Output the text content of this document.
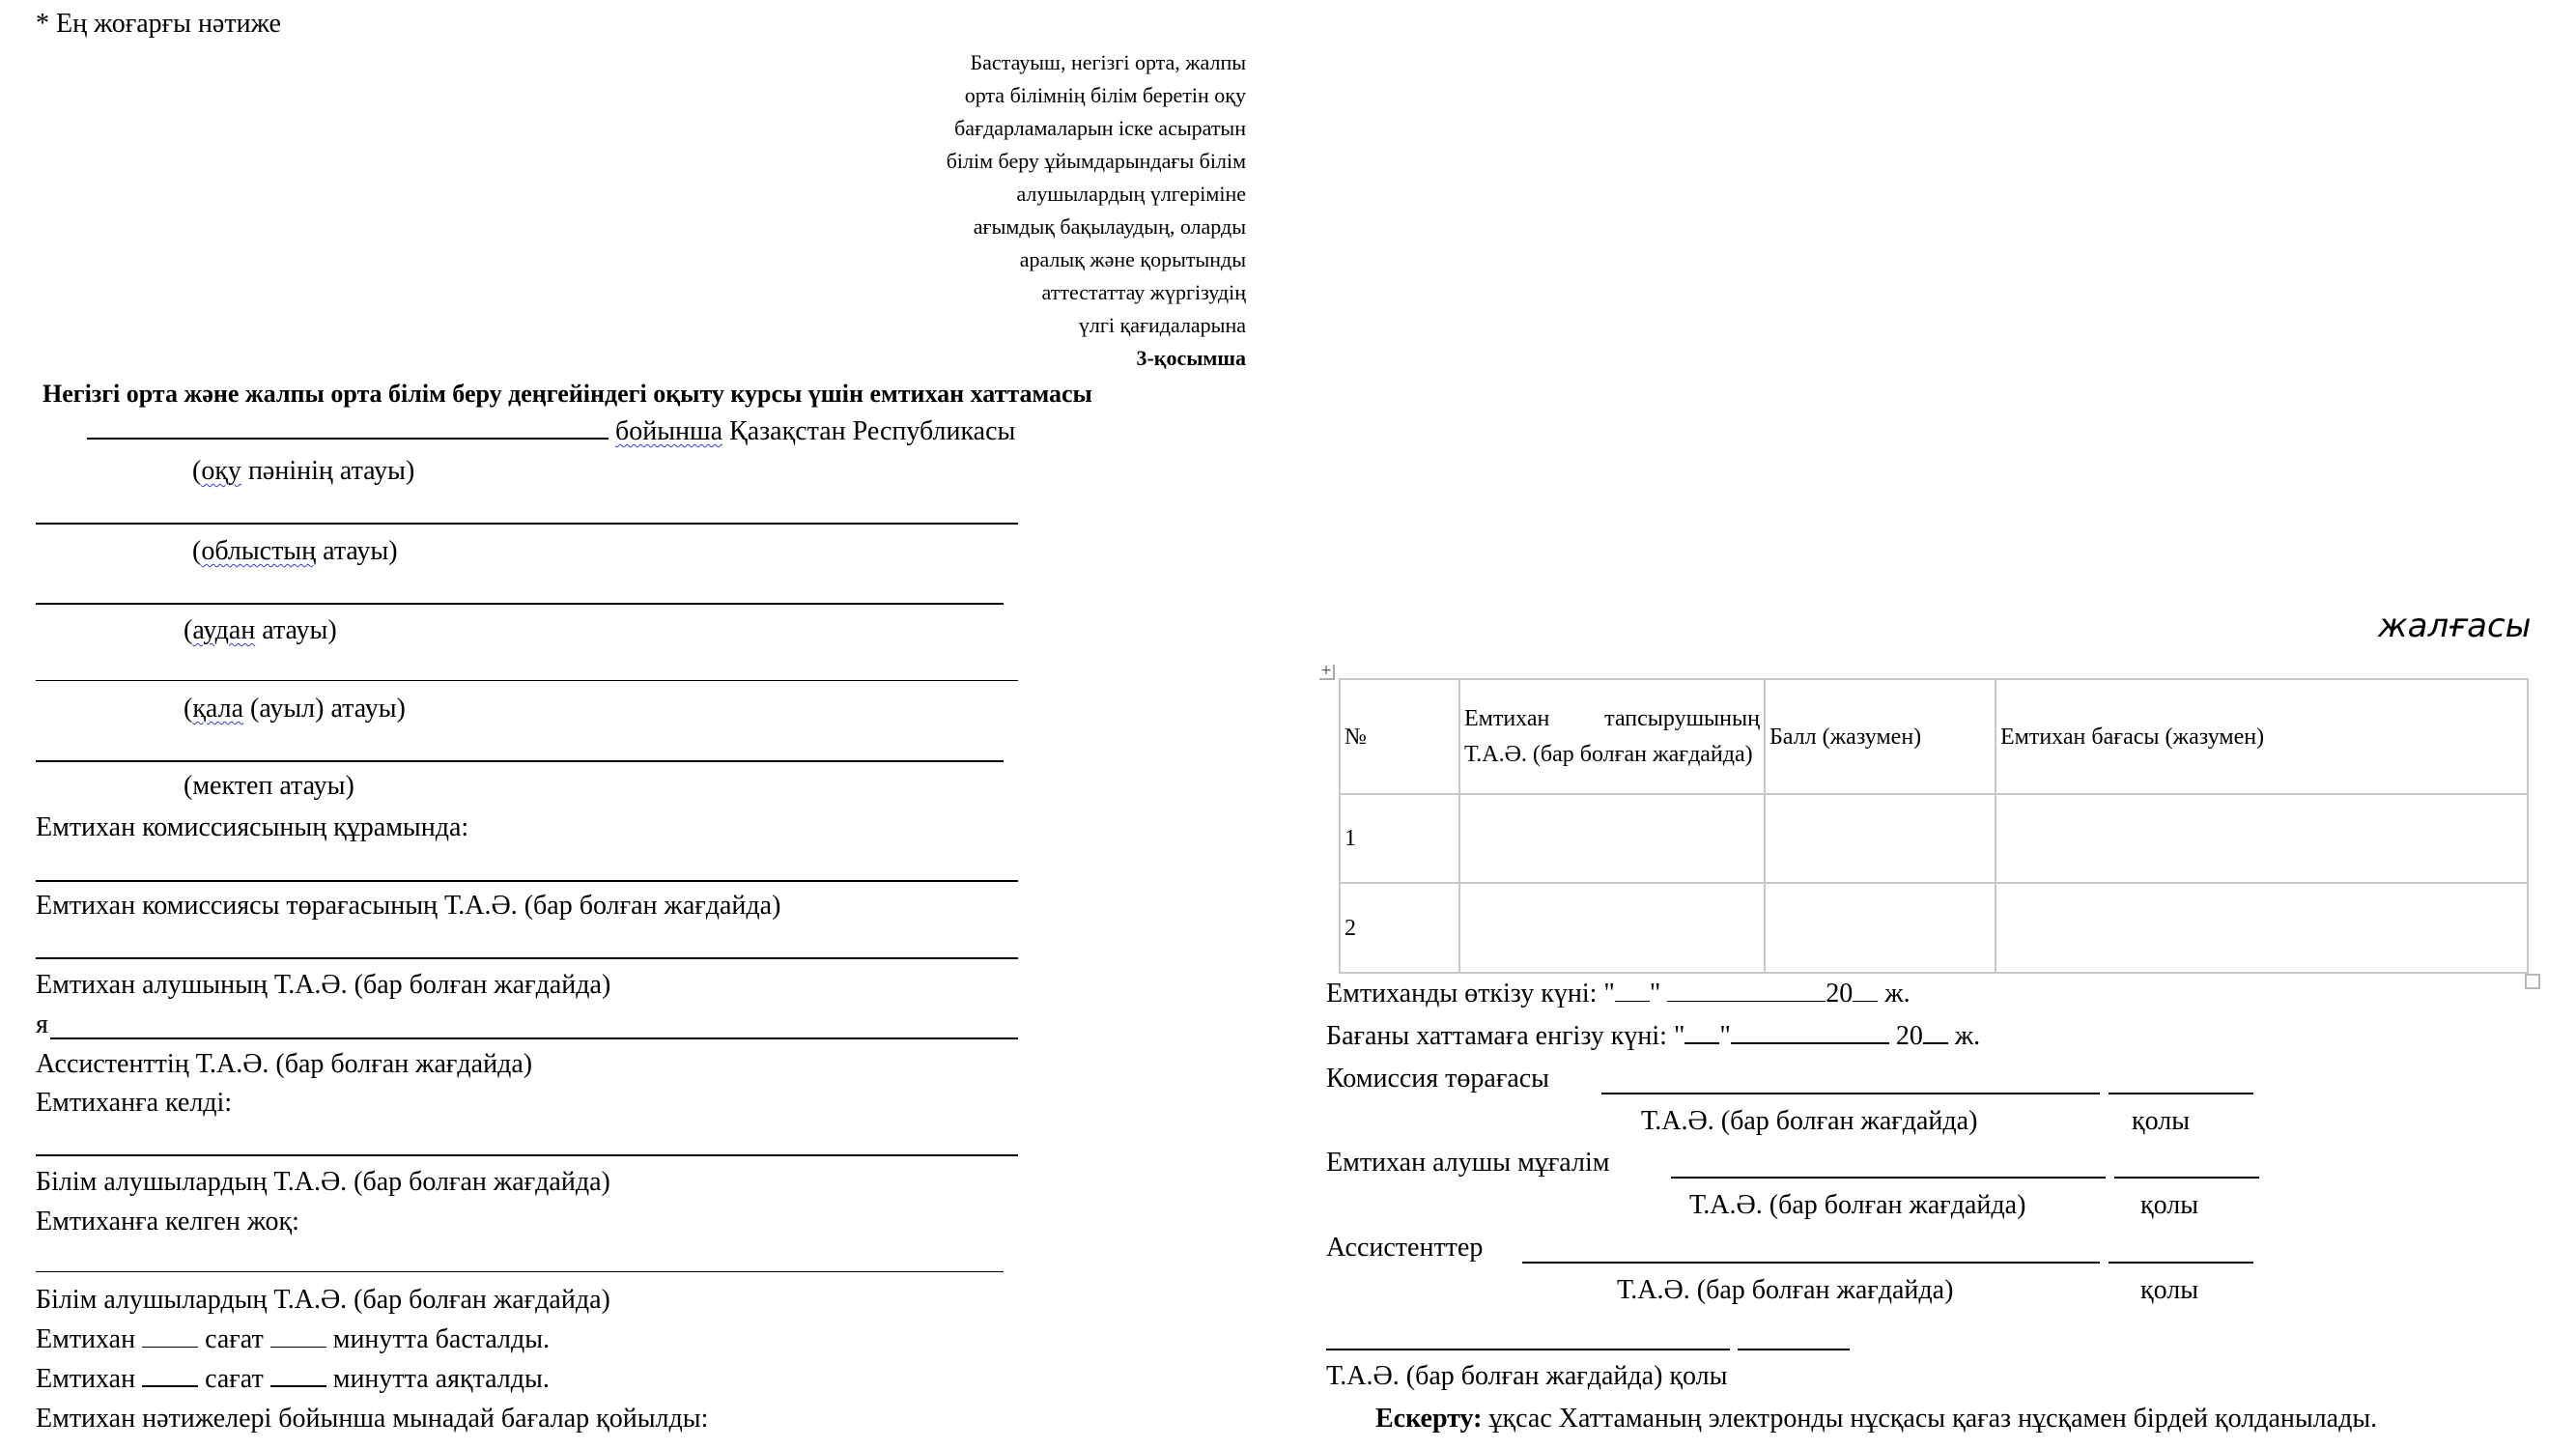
* Ең жоғарғы нәтиже
Бастауыш, негізгі орта, жалпы
орта білімнің білім беретін оқу
бағдарламаларын іске асыратын
білім беру ұйымдарындағы білім
алушылардың үлгеріміне
ағымдық бақылаудың, оларды
аралық және қорытынды
аттестаттау жүргізудің
үлгі қағидаларына
3-қосымша
Негізгі орта және жалпы орта білім беру деңгейіндегі оқыту курсы үшін емтихан хаттамасы
бойынша Қазақстан Республикасы
(оқу пәнінің атауы)
(облыстың атауы)
(аудан атауы)
(қала (ауыл) атауы)
(мектеп атауы)
Емтихан комиссиясының құрамында:
Емтихан комиссиясы төрағасының Т.А.Ә. (бар болған жағдайда)
Емтихан алушының Т.А.Ә. (бар болған жағдайда)
я
Ассистенттің Т.А.Ә. (бар болған жағдайда)
Емтиханға келді:
Білім алушылардың Т.А.Ә. (бар болған жағдайда)
Емтиханға келген жоқ:
Білім алушылардың Т.А.Ә. (бар болған жағдайда)
Емтихан  сағат  минутта басталды.
Емтихан  сағат  минутта аяқталды.
Емтихан нәтижелері бойынша мынадай бағалар қойылды:
жалғасы
+
№	Емтихан тапсырушының Т.А.Ә. (бар болған жағдайда)	Балл (жазумен)	Емтихан бағасы (жазумен)
1			
2			
Емтиханды өткізу күні: " "	20 ж.
Бағаны хаттамаға енгізу күні: " "	20 ж.
Комиссия төрағасы
Т.А.Ә. (бар болған жағдайда)	қолы
Емтихан алушы мұғалім
Т.А.Ә. (бар болған жағдайда)	қолы
Ассистенттер
Т.А.Ә. (бар болған жағдайда)	қолы
Т.А.Ә. (бар болған жағдайда) қолы
Ескерту: ұқсас Хаттаманың электронды нұсқасы қағаз нұсқамен бірдей қолданылады.
